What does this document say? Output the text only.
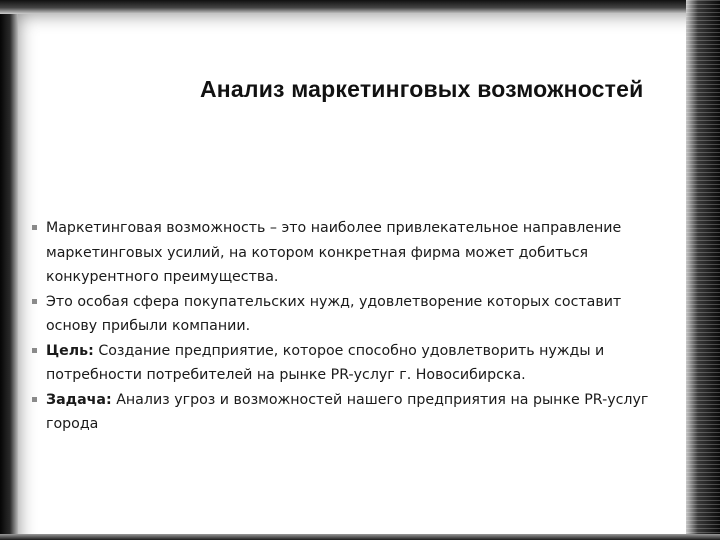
Анализ маркетинговых возможностей
Маркетинговая возможность – это наиболее привлекательное направление маркетинговых усилий, на котором конкретная фирма может добиться конкурентного преимущества.
Это особая сфера покупательских нужд, удовлетворение которых составит основу прибыли компании.
Цель: Создание предприятие, которое способно удовлетворить нужды и потребности потребителей на рынке PR-услуг г. Новосибирска.
Задача: Анализ угроз и возможностей нашего предприятия на рынке PR-услуг города
